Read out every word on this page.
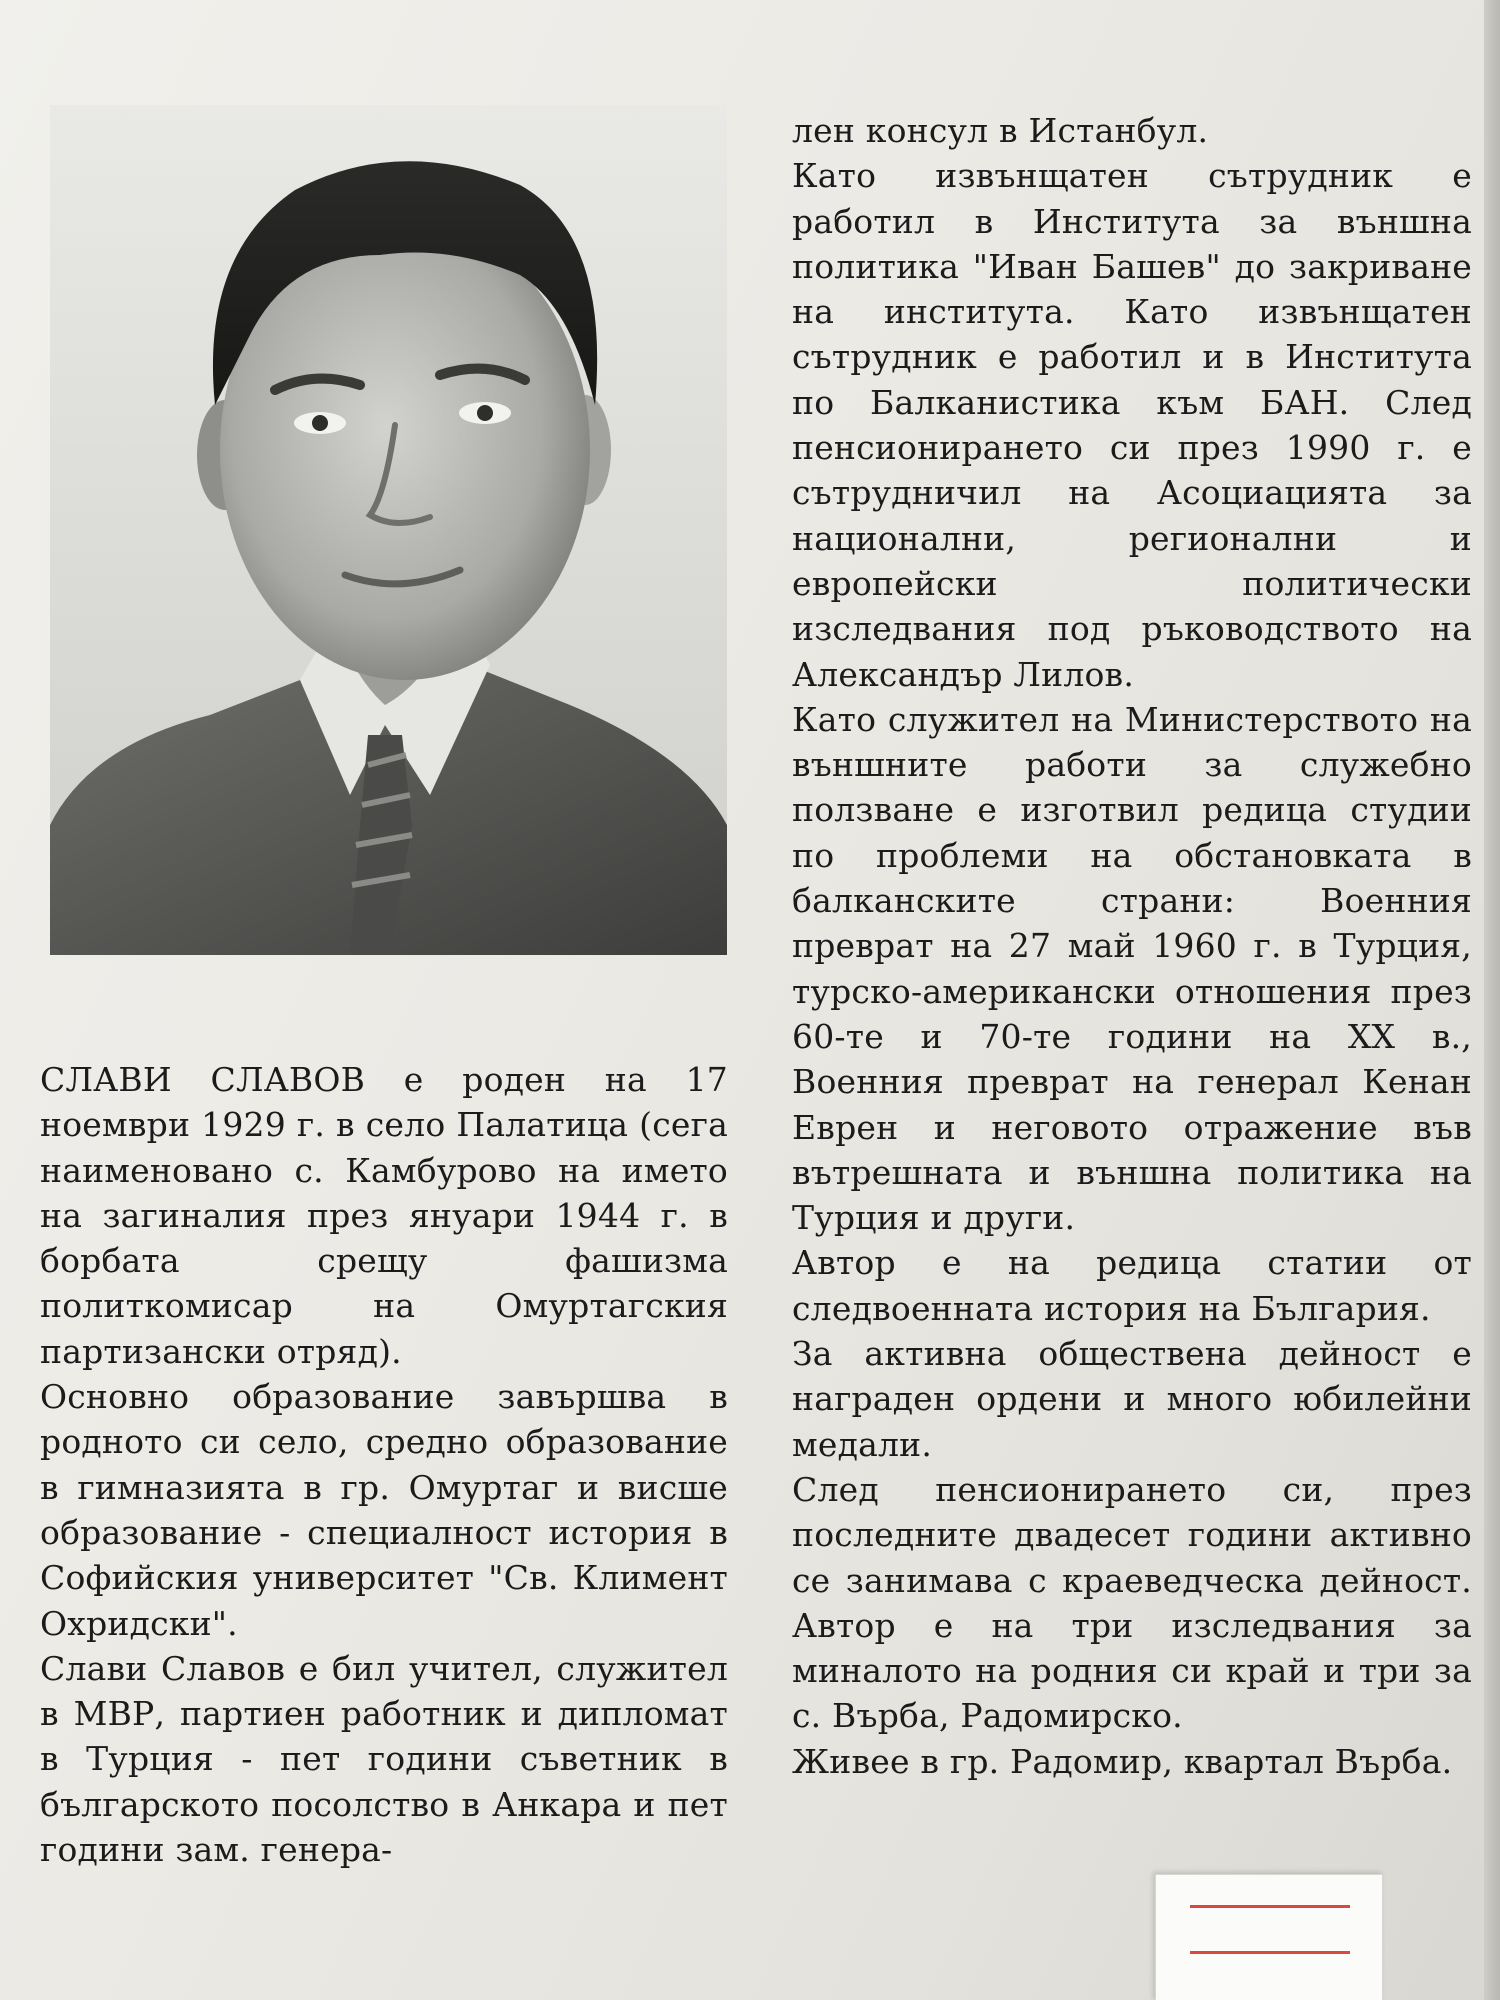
СЛАВИ СЛАВОВ е роден на 17 ноември 1929 г. в село Палатица (сега наименовано с. Камбурово на името на загиналия през януари 1944 г. в борбата срещу фашизма политкомисар на Омуртагския партизански отряд).

Основно образование завършва в родното си село, средно образование в гимназията в гр. Омуртаг и висше образование - специалност история в Софийския университет "Св. Климент Охридски".

Слави Славов е бил учител, служител в МВР, партиен работник и дипломат в Турция - пет години съветник в българското посолство в Анкара и пет години зам. генера-

лен консул в Истанбул.

Като извънщатен сътрудник е работил в Института за външна политика "Иван Башев" до закриване на института. Като извънщатен сътрудник е работил и в Института по Балканистика към БАН. След пенсионирането си през 1990 г. е сътрудничил на Асоциацията за национални, регионални и европейски политически изследвания под ръководството на Александър Лилов.

Като служител на Министерството на външните работи за служебно ползване е изготвил редица студии по проблеми на обстановката в балканските страни: Военния преврат на 27 май 1960 г. в Турция, турско-американски отношения през 60-те и 70-те години на XX в., Военния преврат на генерал Кенан Еврен и неговото отражение във вътрешната и външна политика на Турция и други.

Автор е на редица статии от следвоенната история на България.

За активна обществена дейност е награден ордени и много юбилейни медали.

След пенсионирането си, през последните двадесет години активно се занимава с краеведческа дейност. Автор е на три изследвания за миналото на родния си край и три за с. Върба, Радомирско.

Живее в гр. Радомир, квартал Върба.
